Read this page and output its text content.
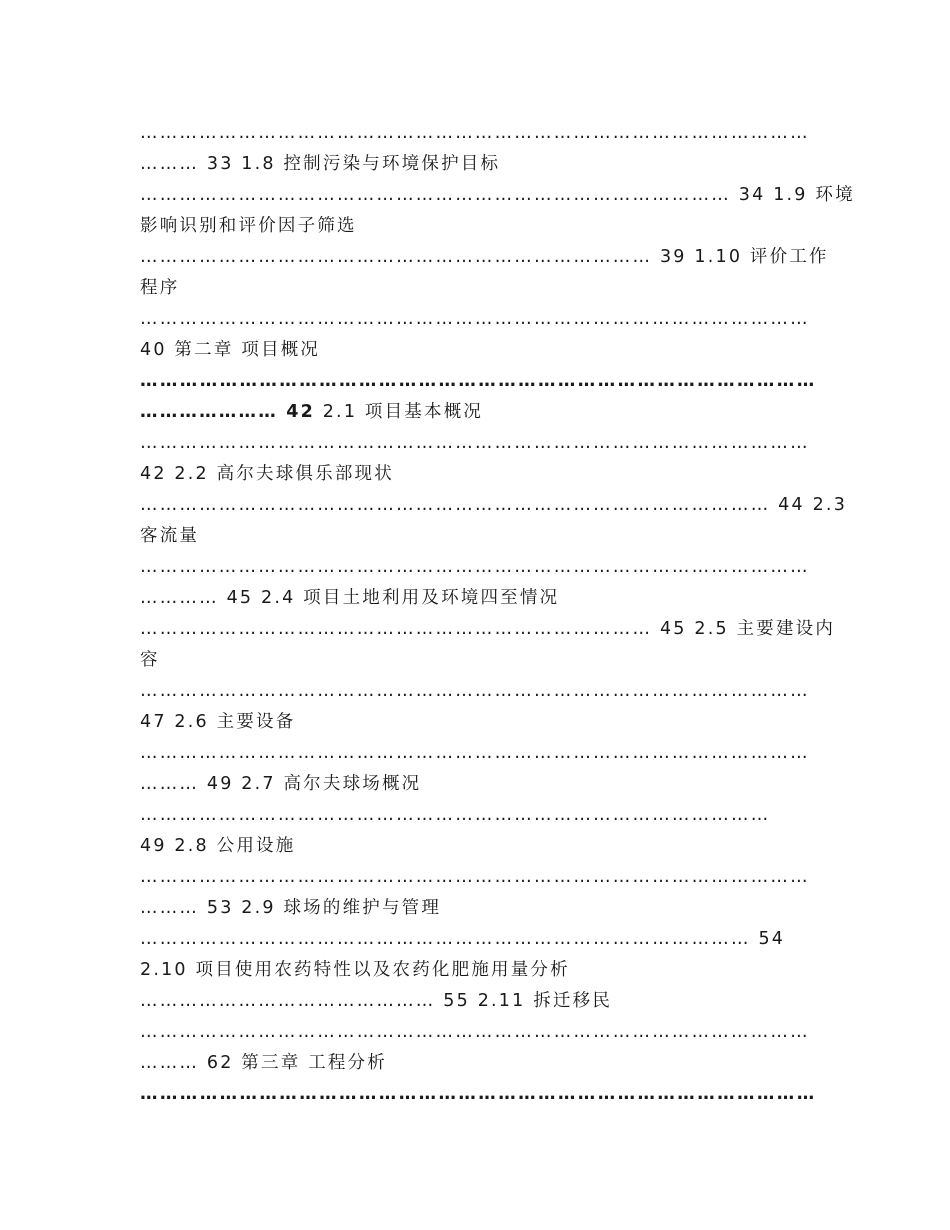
…………………………………………………………………………………………
……… 33 1.8 控制污染与环境保护目标
……………………………………………………………………………… 34 1.9 环境
影响识别和评价因子筛选
…………………………………………………………………… 39 1.10 评价工作
程序
…………………………………………………………………………………………
40 第二章 项目概况
…………………………………………………………………………………………
………………… 42 2.1 项目基本概况
…………………………………………………………………………………………
42 2.2 高尔夫球俱乐部现状
…………………………………………………………………………………… 44 2.3
客流量
…………………………………………………………………………………………
………… 45 2.4 项目土地利用及环境四至情况
…………………………………………………………………… 45 2.5 主要建设内
容
…………………………………………………………………………………………
47 2.6 主要设备
…………………………………………………………………………………………
……… 49 2.7 高尔夫球场概况
……………………………………………………………………………………
49 2.8 公用设施
…………………………………………………………………………………………
……… 53 2.9 球场的维护与管理
………………………………………………………………………………… 54
2.10 项目使用农药特性以及农药化肥施用量分析
……………………………………… 55 2.11 拆迁移民
…………………………………………………………………………………………
……… 62 第三章 工程分析
…………………………………………………………………………………………
